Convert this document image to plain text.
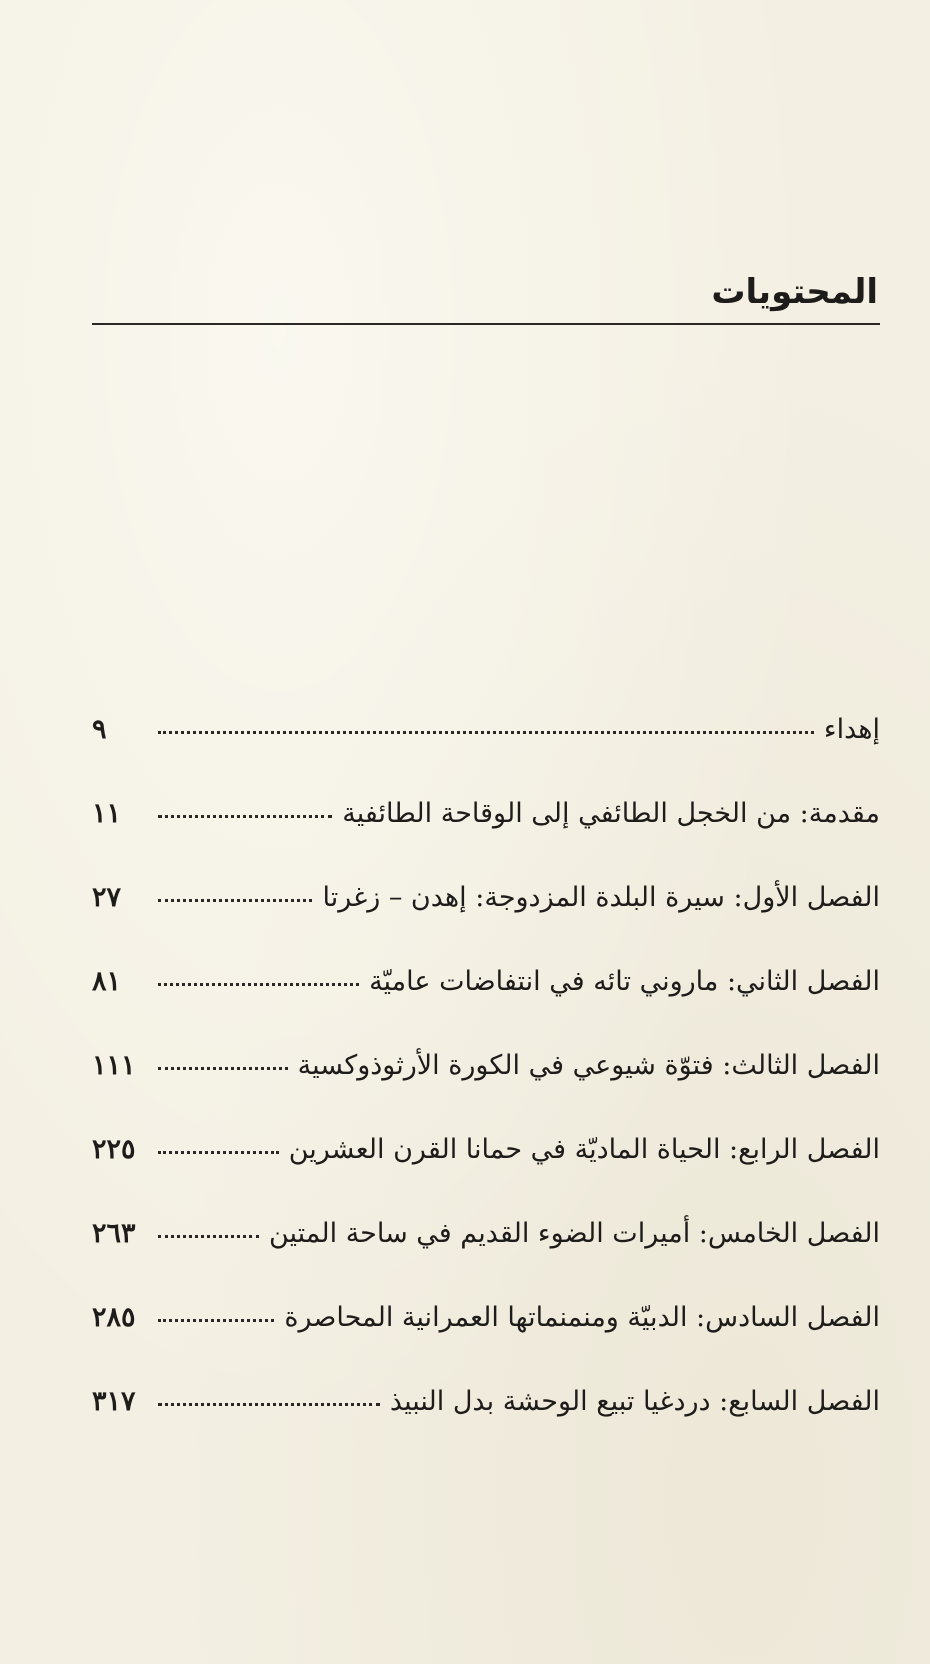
المحتويات
إهداء
٩
مقدمة: من الخجل الطائفي إلى الوقاحة الطائفية
١١
الفصل الأول: سيرة البلدة المزدوجة: إهدن – زغرتا
٢٧
الفصل الثاني: ماروني تائه في انتفاضات عاميّة
٨١
الفصل الثالث: فتوّة شيوعي في الكورة الأرثوذوكسية
١١١
الفصل الرابع: الحياة الماديّة في حمانا القرن العشرين
٢٢٥
الفصل الخامس: أميرات الضوء القديم في ساحة المتين
٢٦٣
الفصل السادس: الدبيّة ومنمنماتها العمرانية المحاصرة
٢٨٥
الفصل السابع: دردغيا تبيع الوحشة بدل النبيذ
٣١٧
